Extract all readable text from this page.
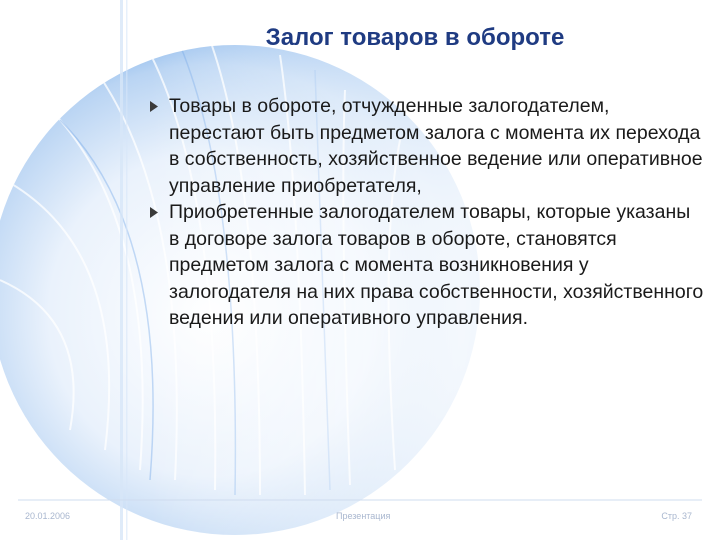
Залог товаров в обороте
Товары в обороте, отчужденные залогодателем, перестают быть предметом залога с момента их перехода в собственность, хозяйственное ведение или оперативное управление приобретателя,
Приобретенные залогодателем товары, которые указаны в договоре залога товаров в обороте, становятся предметом залога с момента возникновения у залогодателя на них права собственности, хозяйственного ведения или оперативного управления.
20.01.2006	Презентация	Стр. 37
